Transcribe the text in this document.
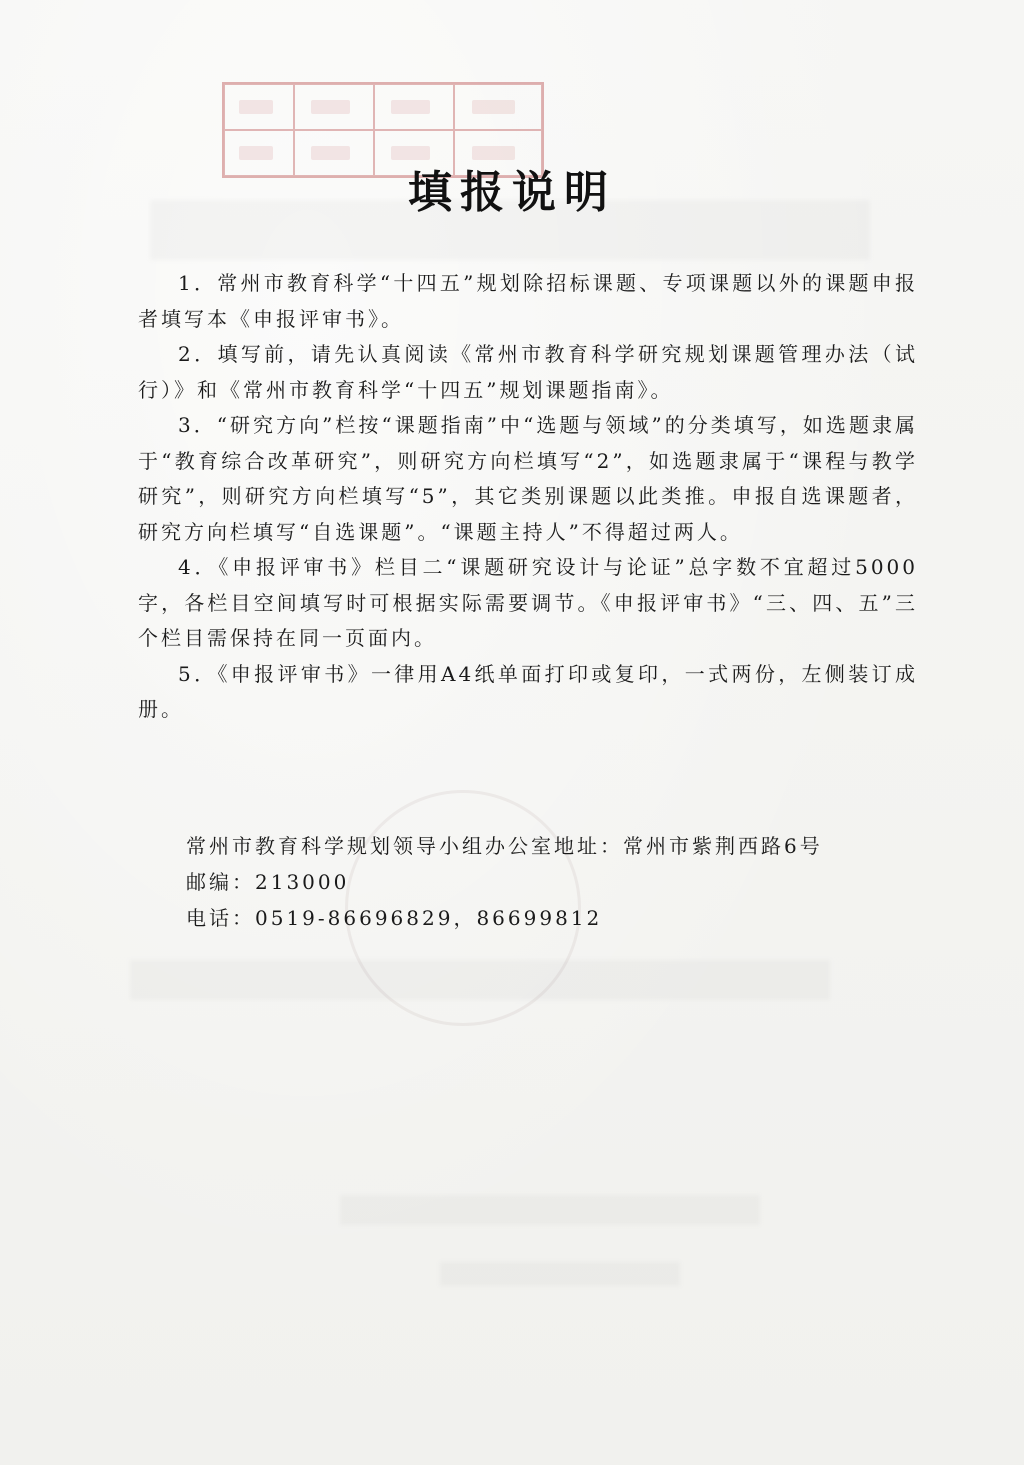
填报说明

1．常州市教育科学“十四五”规划除招标课题、专项课题以外的课题申报者填写本《申报评审书》。

2．填写前，请先认真阅读《常州市教育科学研究规划课题管理办法（试行）》和《常州市教育科学“十四五”规划课题指南》。

3．“研究方向”栏按“课题指南”中“选题与领域”的分类填写，如选题隶属于“教育综合改革研究”，则研究方向栏填写“2”，如选题隶属于“课程与教学研究”，则研究方向栏填写“5”，其它类别课题以此类推。申报自选课题者，研究方向栏填写“自选课题”。“课题主持人”不得超过两人。

4．《申报评审书》栏目二“课题研究设计与论证”总字数不宜超过5000字，各栏目空间填写时可根据实际需要调节。《申报评审书》“三、四、五”三个栏目需保持在同一页面内。

5．《申报评审书》一律用A4纸单面打印或复印，一式两份，左侧装订成册。

常州市教育科学规划领导小组办公室地址：常州市紫荆西路6号
邮编：213000
电话：0519-86696829，86699812
